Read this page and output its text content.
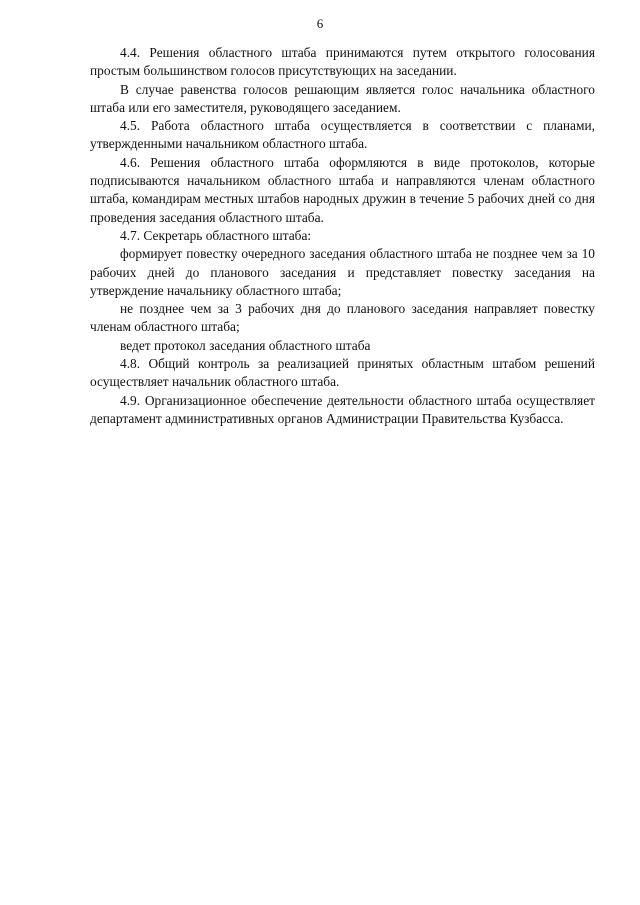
6

4.4. Решения областного штаба принимаются путем открытого голосования простым большинством голосов присутствующих на заседании.

В случае равенства голосов решающим является голос начальника областного штаба или его заместителя, руководящего заседанием.

4.5. Работа областного штаба осуществляется в соответствии с планами, утвержденными начальником областного штаба.

4.6. Решения областного штаба оформляются в виде протоколов, которые подписываются начальником областного штаба и направляются членам областного штаба, командирам местных штабов народных дружин в течение 5 рабочих дней со дня проведения заседания областного штаба.

4.7. Секретарь областного штаба:

формирует повестку очередного заседания областного штаба не позднее чем за 10 рабочих дней до планового заседания и представляет повестку заседания на утверждение начальнику областного штаба;

не позднее чем за 3 рабочих дня до планового заседания направляет повестку членам областного штаба;

ведет протокол заседания областного штаба

4.8. Общий контроль за реализацией принятых областным штабом решений осуществляет начальник областного штаба.

4.9. Организационное обеспечение деятельности областного штаба осуществляет департамент административных органов Администрации Правительства Кузбасса.
